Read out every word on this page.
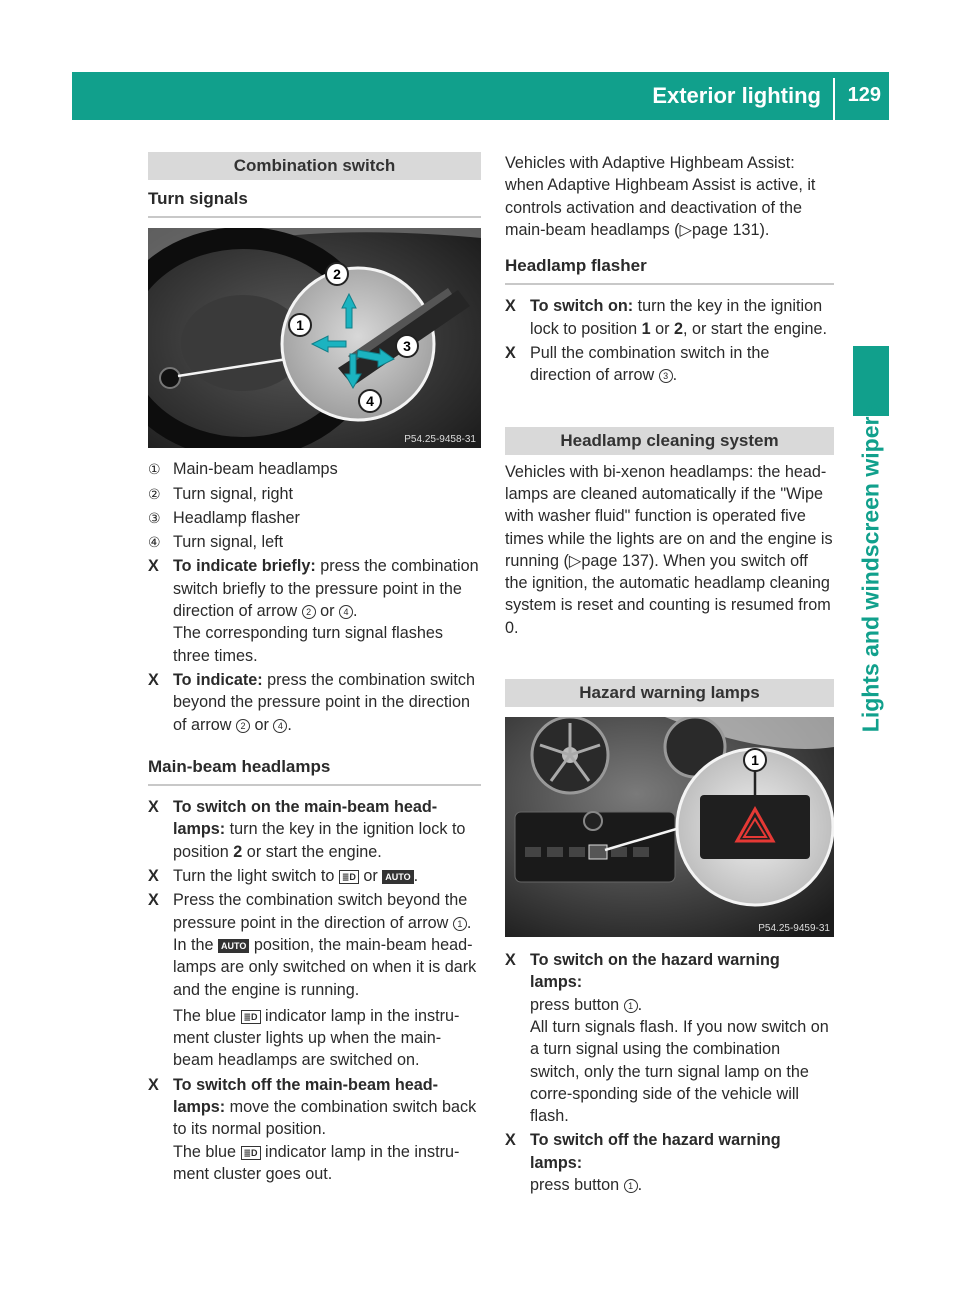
Exterior lighting 129
Lights and windscreen wipers
Combination switch
Turn signals
2
1
3
4
P54.25-9458-31
① Main-beam headlamps
② Turn signal, right
③ Headlamp flasher
④ Turn signal, left
X To indicate briefly: press the combination switch briefly to the pressure point in the direction of arrow 2 or 4 .
The corresponding turn signal flashes three times.
X To indicate: press the combination switch beyond the pressure point in the direction of arrow 2 or 4 .
Main-beam headlamps
X To switch on the main-beam head-lamps: turn the key in the ignition lock to position 2 or start the engine.
X Turn the light switch to ≣D or AUTO .
X Press the combination switch beyond the pressure point in the direction of arrow 1 .
In the AUTO position, the main-beam head-lamps are only switched on when it is dark and the engine is running.
The blue ≣D indicator lamp in the instru-ment cluster lights up when the main-beam headlamps are switched on.
X To switch off the main-beam head-lamps: move the combination switch back to its normal position.
The blue ≣D indicator lamp in the instru-ment cluster goes out.

Vehicles with Adaptive Highbeam Assist: when Adaptive Highbeam Assist is active, it controls activation and deactivation of the main-beam headlamps (▷page 131).

Headlamp flasher
X To switch on: turn the key in the ignition lock to position 1 or 2, or start the engine.
X Pull the combination switch in the direction of arrow 3 .
Headlamp cleaning system

Vehicles with bi-xenon headlamps: the head-lamps are cleaned automatically if the "Wipe with washer fluid" function is operated five times while the lights are on and the engine is running (▷page 137). When you switch off the ignition, the automatic headlamp cleaning system is reset and counting is resumed from 0.

Hazard warning lamps
1
P54.25-9459-31
X To switch on the hazard warning lamps:
press button 1 .
All turn signals flash. If you now switch on a turn signal using the combination switch, only the turn signal lamp on the corre-sponding side of the vehicle will flash.
X To switch off the hazard warning lamps:
press button 1 .
